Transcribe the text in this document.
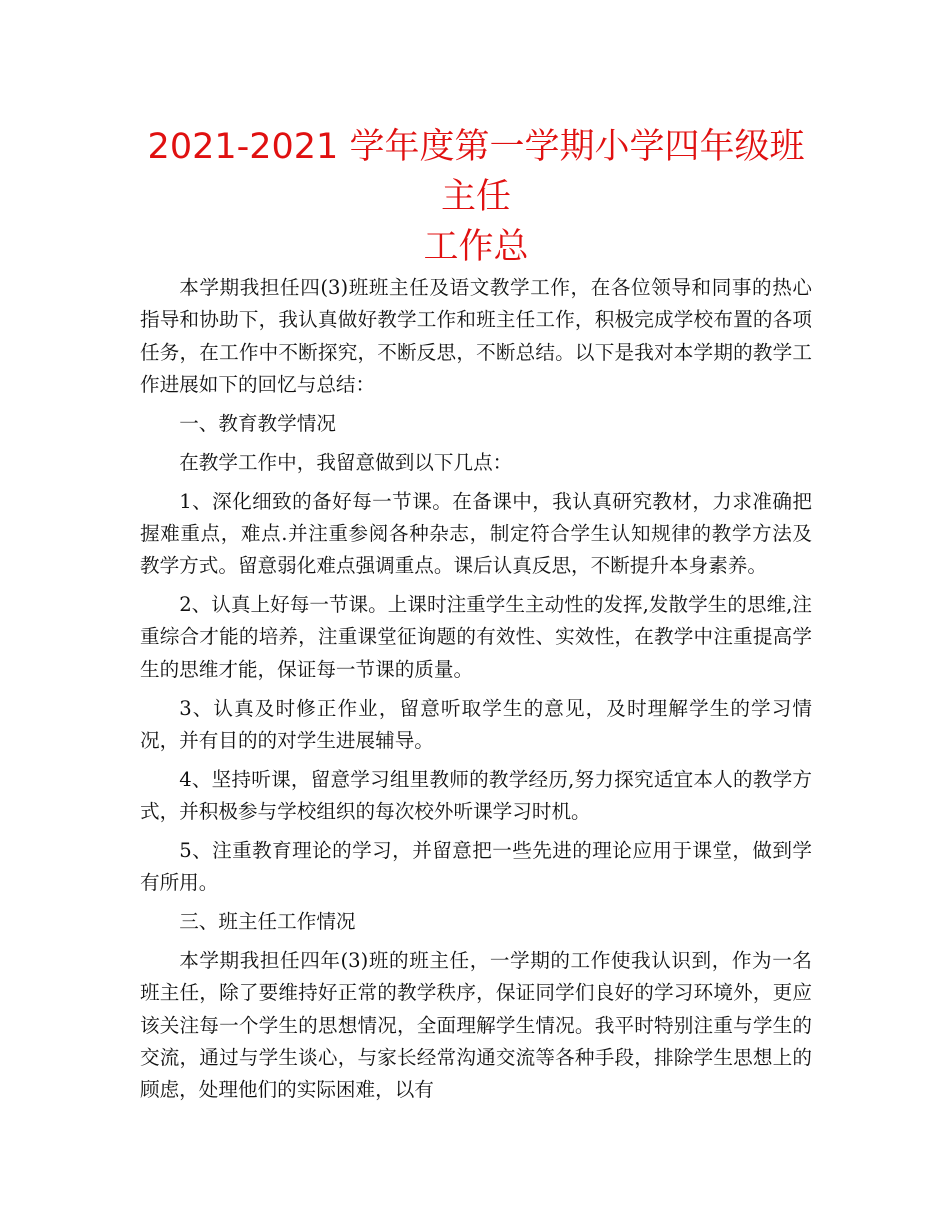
2021-2021 学年度第一学期小学四年级班主任
工作总

本学期我担任四(3)班班主任及语文教学工作，在各位领导和同事的热心指导和协助下，我认真做好教学工作和班主任工作，积极完成学校布置的各项任务，在工作中不断探究，不断反思，不断总结。以下是我对本学期的教学工作进展如下的回忆与总结：

一、教育教学情况

在教学工作中，我留意做到以下几点：

1、深化细致的备好每一节课。在备课中，我认真研究教材，力求准确把握难重点，难点.并注重参阅各种杂志，制定符合学生认知规律的教学方法及教学方式。留意弱化难点强调重点。课后认真反思，不断提升本身素养。

2、认真上好每一节课。上课时注重学生主动性的发挥,发散学生的思维,注重综合才能的培养，注重课堂征询题的有效性、实效性，在教学中注重提高学生的思维才能，保证每一节课的质量。

3、认真及时修正作业，留意听取学生的意见，及时理解学生的学习情况，并有目的的对学生进展辅导。

4、坚持听课，留意学习组里教师的教学经历,努力探究适宜本人的教学方式，并积极参与学校组织的每次校外听课学习时机。

5、注重教育理论的学习，并留意把一些先进的理论应用于课堂，做到学有所用。

三、班主任工作情况

本学期我担任四年(3)班的班主任，一学期的工作使我认识到，作为一名班主任，除了要维持好正常的教学秩序，保证同学们良好的学习环境外，更应该关注每一个学生的思想情况，全面理解学生情况。我平时特别注重与学生的交流，通过与学生谈心，与家长经常沟通交流等各种手段，排除学生思想上的顾虑，处理他们的实际困难，以有
